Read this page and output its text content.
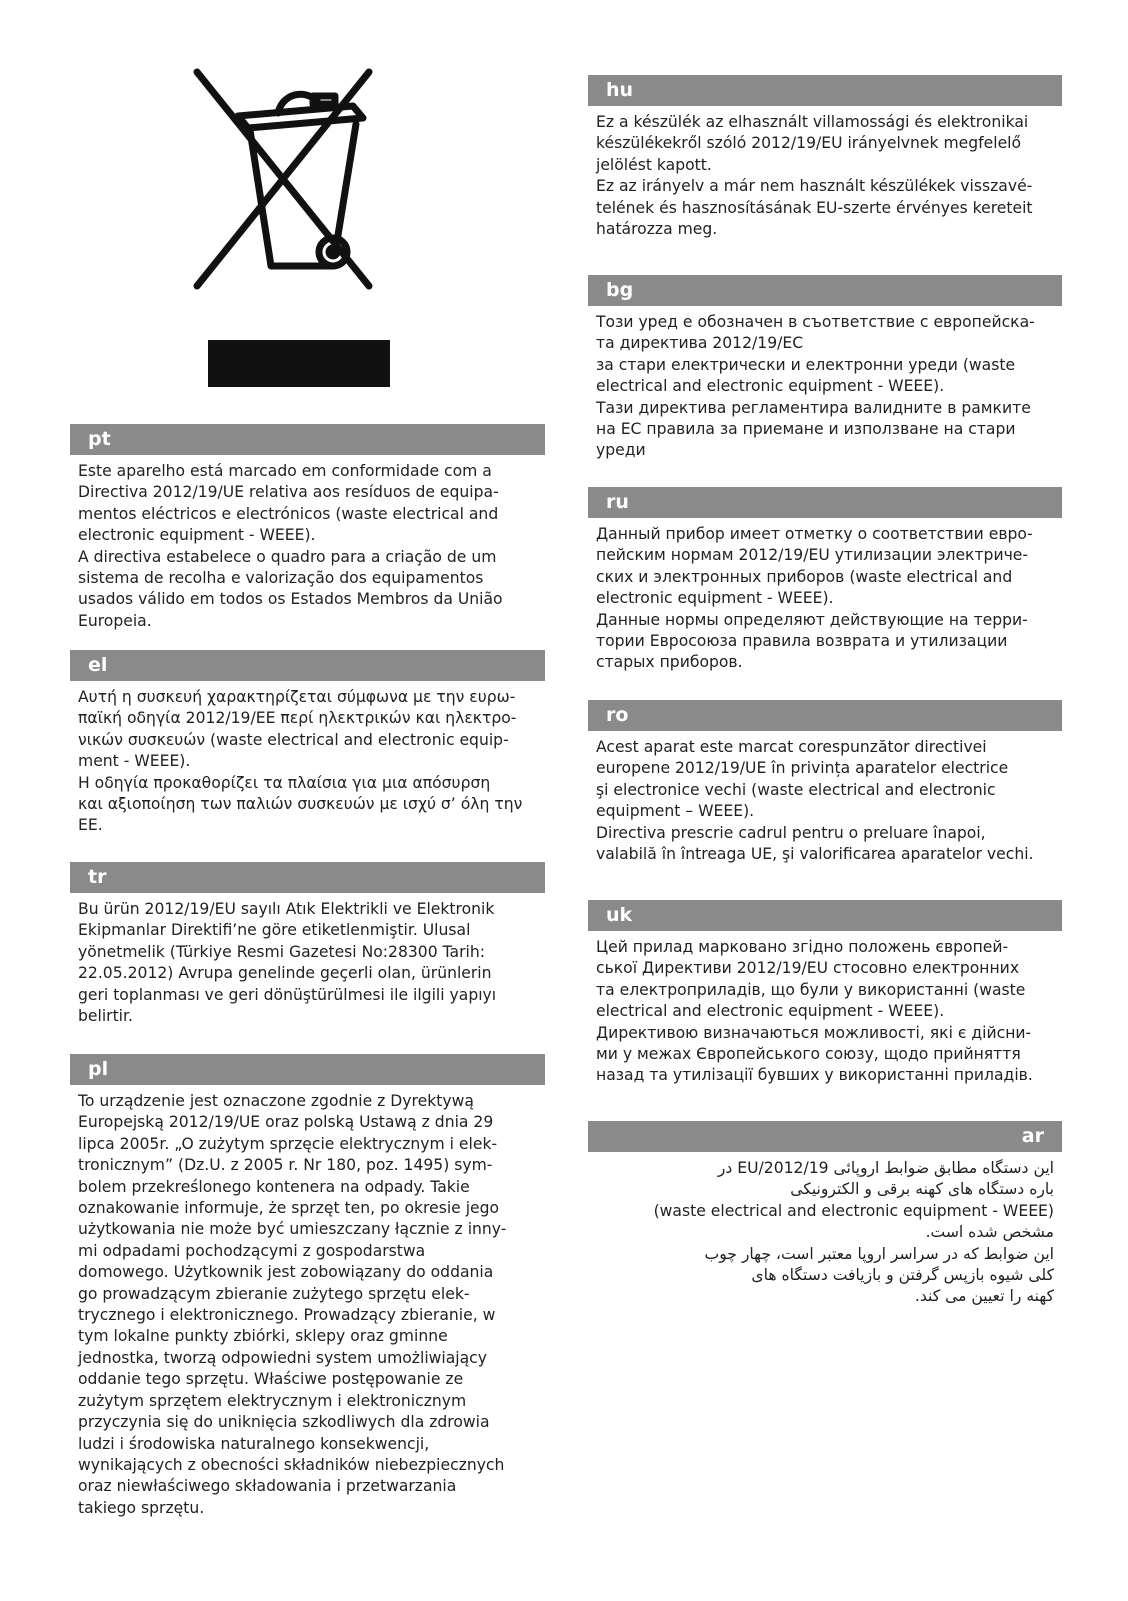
pt
Este aparelho está marcado em conformidade com a
Directiva 2012/19/UE relativa aos resíduos de equipa-
mentos eléctricos e electrónicos (waste electrical and
electronic equipment - WEEE).
A directiva estabelece o quadro para a criação de um
sistema de recolha e valorização dos equipamentos
usados válido em todos os Estados Membros da União
Europeia.
el
Αυτή η συσκευή χαρακτηρίζεται σύμφωνα με την ευρω-
παϊκή οδηγία 2012/19/ΕΕ περί ηλεκτρικών και ηλεκτρο-
νικών συσκευών (waste electrical and electronic equip-
ment - WEEE).
Η οδηγία προκαθορίζει τα πλαίσια για μια απόσυρση
και αξιοποίηση των παλιών συσκευών με ισχύ σ’ όλη την
ΕΕ.
tr
Bu ürün 2012/19/EU sayılı Atık Elektrikli ve Elektronik
Ekipmanlar Direktifi’ne göre etiketlenmiştir. Ulusal
yönetmelik (Türkiye Resmi Gazetesi No:28300 Tarih:
22.05.2012) Avrupa genelinde geçerli olan, ürünlerin
geri toplanması ve geri dönüştürülmesi ile ilgili yapıyı
belirtir.
pl
To urządzenie jest oznaczone zgodnie z Dyrektywą
Europejską 2012/19/UE oraz polską Ustawą z dnia 29
lipca 2005r. „O zużytym sprzęcie elektrycznym i elek-
tronicznym” (Dz.U. z 2005 r. Nr 180, poz. 1495) sym-
bolem przekreślonego kontenera na odpady. Takie
oznakowanie informuje, że sprzęt ten, po okresie jego
użytkowania nie może być umieszczany łącznie z inny-
mi odpadami pochodzącymi z gospodarstwa
domowego. Użytkownik jest zobowiązany do oddania
go prowadzącym zbieranie zużytego sprzętu elek-
trycznego i elektronicznego. Prowadzący zbieranie, w
tym lokalne punkty zbiórki, sklepy oraz gminne
jednostka, tworzą odpowiedni system umożliwiający
oddanie tego sprzętu. Właściwe postępowanie ze
zużytym sprzętem elektrycznym i elektronicznym
przyczynia się do uniknięcia szkodliwych dla zdrowia
ludzi i środowiska naturalnego konsekwencji,
wynikających z obecności składników niebezpiecznych
oraz niewłaściwego składowania i przetwarzania
takiego sprzętu.
hu
Ez a készülék az elhasznált villamossági és elektronikai
készülékekről szóló 2012/19/EU irányelvnek megfelelő
jelölést kapott.
Ez az irányelv a már nem használt készülékek visszavé-
telének és hasznosításának EU-szerte érvényes kereteit
határozza meg.
bg
Този уред е обозначен в съответствие с европейска-
та директива 2012/19/ЕС
за стари електрически и електронни уреди (waste
electrical and electronic equipment - WEEE).
Тази директива регламентира валидните в рамките
на ЕС правила за приемане и използване на стари
уреди
ru
Данный прибор имеет отметку о соответствии евро-
пейским нормам 2012/19/EU утилизации электриче-
ских и электронных приборов (waste electrical and
electronic equipment - WEEE).
Данные нормы определяют действующие на терри-
тории Евросоюза правила возврата и утилизации
старых приборов.
ro
Acest aparat este marcat corespunzător directivei
europene 2012/19/UE în privința aparatelor electrice
şi electronice vechi (waste electrical and electronic
equipment – WEEE).
Directiva prescrie cadrul pentru o preluare înapoi,
valabilă în întreaga UE, şi valorificarea aparatelor vechi.
uk
Цей прилад марковано згідно положень європей-
ської Директиви 2012/19/EU стосовно електронних
та електроприладів, що були у використанні (waste
electrical and electronic equipment - WEEE).
Директивою визначаються можливості, які є дійсни-
ми у межах Європейського союзу, щодо прийняття
назад та утилізації бувших у використанні приладів.
ar
این دستگاه مطابق ضوابط اروپائی 2012/19/EU در
باره دستگاه های کهنه برقی و الکترونیکی
(waste electrical and electronic equipment - WEEE)
مشخص شده است.
این ضوابط که در سراسر اروپا معتبر است، چهار چوب
کلی شیوه بازپس گرفتن و بازیافت دستگاه های
کهنه را تعیین می کند.
